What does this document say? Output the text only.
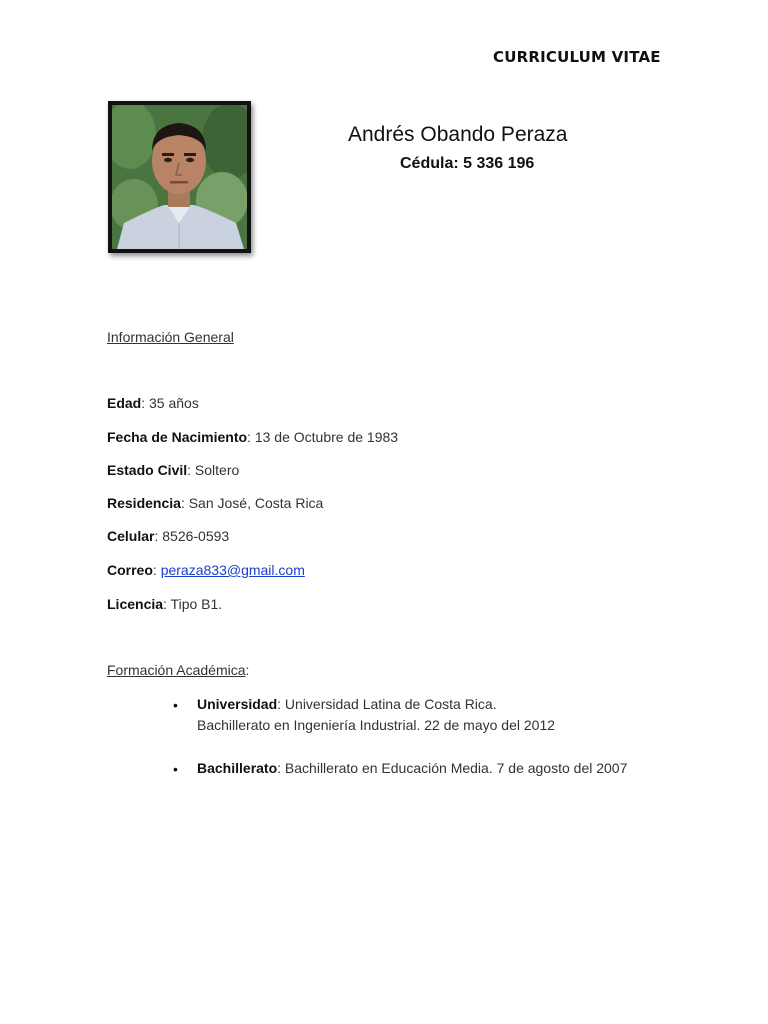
CURRICULUM VITAE
Andrés Obando Peraza
Cédula: 5 336 196
Información General
Edad: 35 años
Fecha de Nacimiento: 13 de Octubre de 1983
Estado Civil: Soltero
Residencia: San José, Costa Rica
Celular: 8526-0593
Correo: peraza833@gmail.com
Licencia: Tipo B1.
Formación Académica:
• Universidad: Universidad Latina de Costa Rica.
Bachillerato en Ingeniería Industrial. 22 de mayo del 2012
• Bachillerato: Bachillerato en Educación Media. 7 de agosto del 2007
